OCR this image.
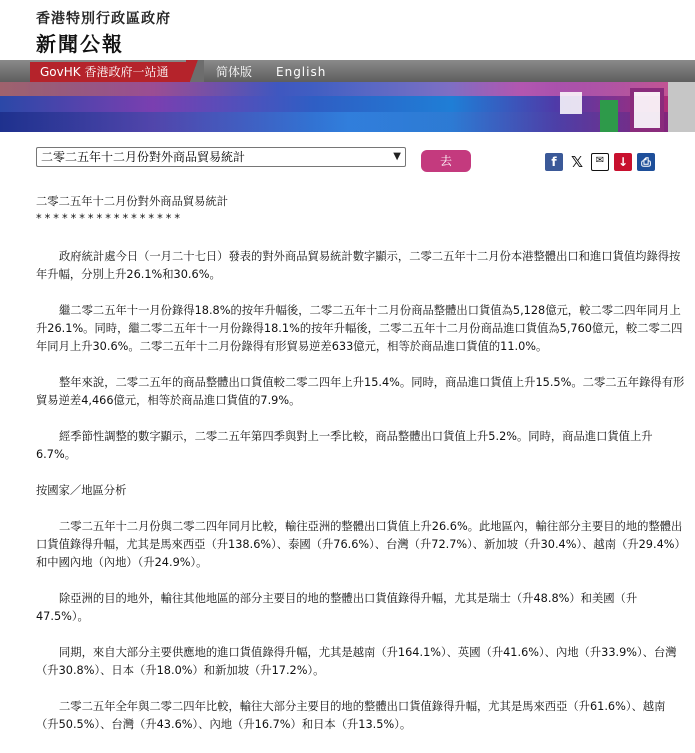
香港特別行政區政府
新聞公報
GovHK 香港政府一站通	简体版 English
二零二五年十二月份對外商品貿易統計	▼	去	f 𝕏	✉	↓	⎙
二零二五年十二月份對外商品貿易統計
*****************

政府統計處今日（一月二十七日）發表的對外商品貿易統計數字顯示，二零二五年十二月份本港整體出口和進口貨值均錄得按年升幅，分別上升26.1%和30.6%。

繼二零二五年十一月份錄得18.8%的按年升幅後，二零二五年十二月份商品整體出口貨值為5,128億元，較二零二四年同月上升26.1%。同時，繼二零二五年十一月份錄得18.1%的按年升幅後，二零二五年十二月份商品進口貨值為5,760億元，較二零二四年同月上升30.6%。二零二五年十二月份錄得有形貿易逆差633億元，相等於商品進口貨值的11.0%。

整年來說，二零二五年的商品整體出口貨值較二零二四年上升15.4%。同時，商品進口貨值上升15.5%。二零二五年錄得有形貿易逆差4,466億元，相等於商品進口貨值的7.9%。

經季節性調整的數字顯示，二零二五年第四季與對上一季比較，商品整體出口貨值上升5.2%。同時，商品進口貨值上升6.7%。

按國家／地區分析

二零二五年十二月份與二零二四年同月比較，輸往亞洲的整體出口貨值上升26.6%。此地區內，輸往部分主要目的地的整體出口貨值錄得升幅，尤其是馬來西亞（升138.6%）、泰國（升76.6%）、台灣（升72.7%）、新加坡（升30.4%）、越南（升29.4%）和中國內地（內地）（升24.9%）。

除亞洲的目的地外，輸往其他地區的部分主要目的地的整體出口貨值錄得升幅，尤其是瑞士（升48.8%）和美國（升47.5%）。

同期，來自大部分主要供應地的進口貨值錄得升幅，尤其是越南（升164.1%）、英國（升41.6%）、內地（升33.9%）、台灣（升30.8%）、日本（升18.0%）和新加坡（升17.2%）。

二零二五年全年與二零二四年比較，輸往大部分主要目的地的整體出口貨值錄得升幅，尤其是馬來西亞（升61.6%）、越南（升50.5%）、台灣（升43.6%）、內地（升16.7%）和日本（升13.5%）。
